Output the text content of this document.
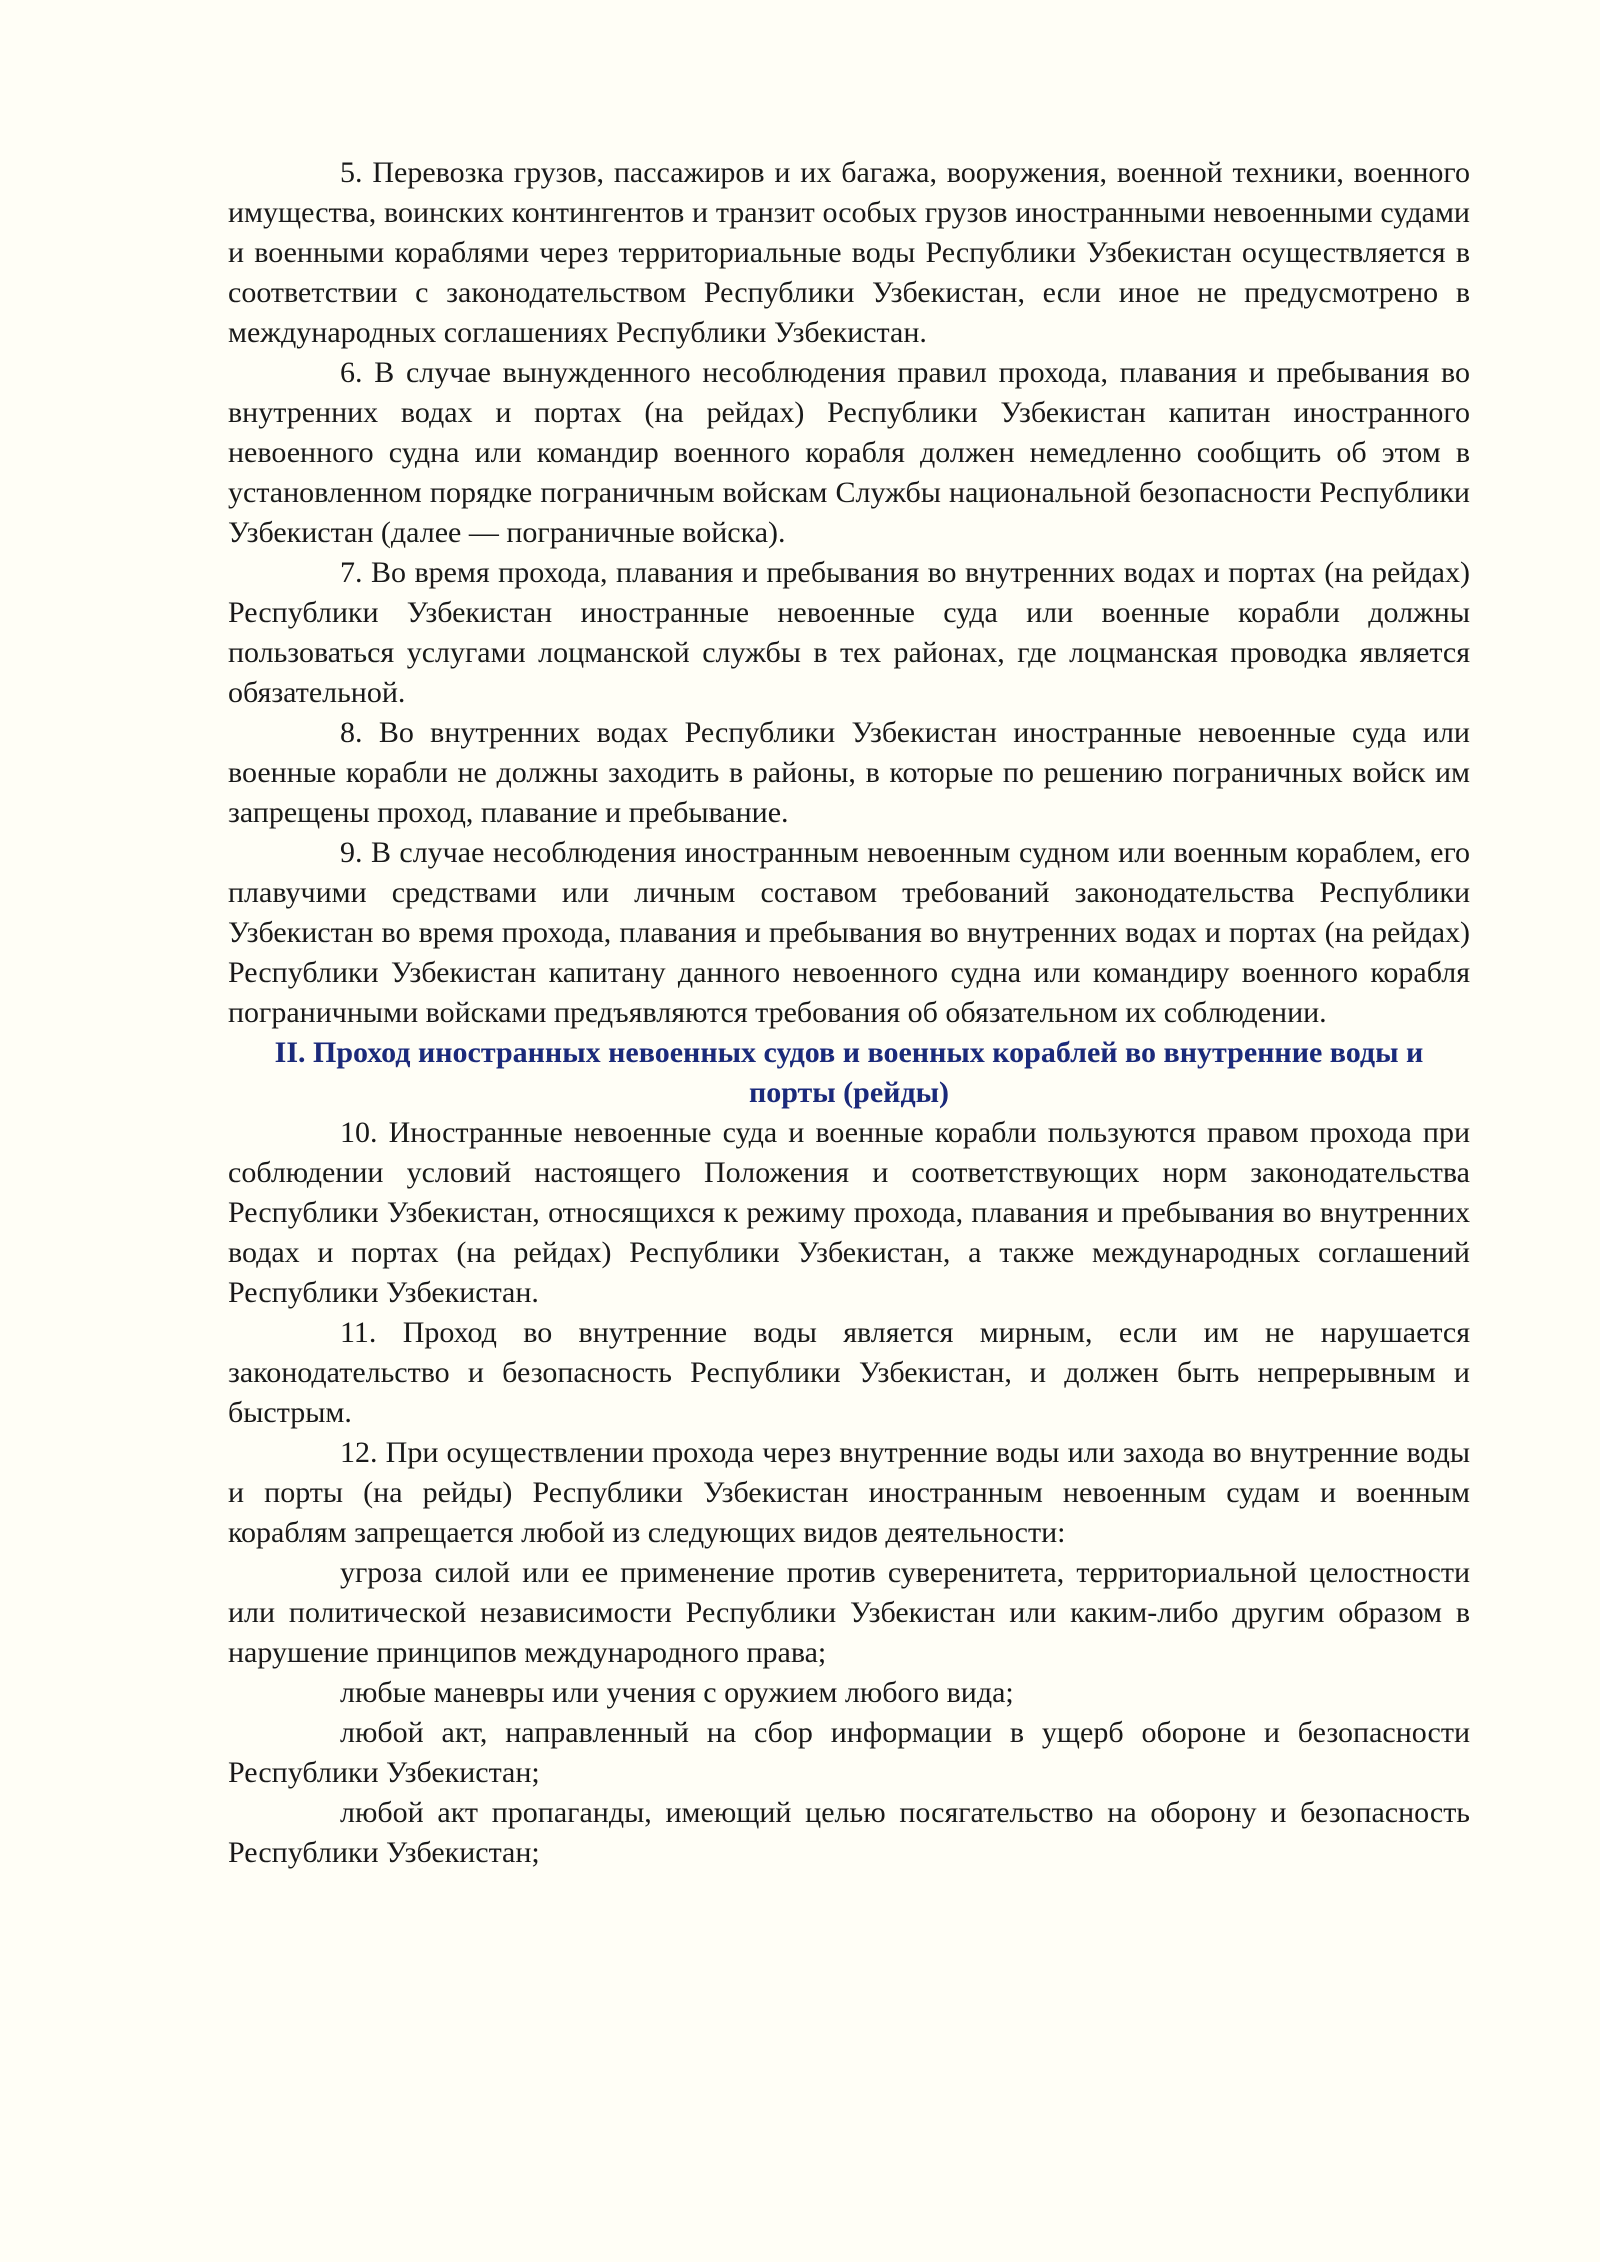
5. Перевозка грузов, пассажиров и их багажа, вооружения, военной техники, военного имущества, воинских контингентов и транзит особых грузов иностранными невоенными судами и военными кораблями через территориальные воды Республики Узбекистан осуществляется в соответствии с законодательством Республики Узбекистан, если иное не предусмотрено в международных соглашениях Республики Узбекистан.

6. В случае вынужденного несоблюдения правил прохода, плавания и пребывания во внутренних водах и портах (на рейдах) Республики Узбекистан капитан иностранного невоенного судна или командир военного корабля должен немедленно сообщить об этом в установленном порядке пограничным войскам Службы национальной безопасности Республики Узбекистан (далее — пограничные войска).

7. Во время прохода, плавания и пребывания во внутренних водах и портах (на рейдах) Республики Узбекистан иностранные невоенные суда или военные корабли должны пользоваться услугами лоцманской службы в тех районах, где лоцманская проводка является обязательной.

8. Во внутренних водах Республики Узбекистан иностранные невоенные суда или военные корабли не должны заходить в районы, в которые по решению пограничных войск им запрещены проход, плавание и пребывание.

9. В случае несоблюдения иностранным невоенным судном или военным кораблем, его плавучими средствами или личным составом требований законодательства Республики Узбекистан во время прохода, плавания и пребывания во внутренних водах и портах (на рейдах) Республики Узбекистан капитану данного невоенного судна или командиру военного корабля пограничными войсками предъявляются требования об обязательном их соблюдении.

II. Проход иностранных невоенных судов и военных кораблей во внутренние воды и порты (рейды)

10. Иностранные невоенные суда и военные корабли пользуются правом прохода при соблюдении условий настоящего Положения и соответствующих норм законодательства Республики Узбекистан, относящихся к режиму прохода, плавания и пребывания во внутренних водах и портах (на рейдах) Республики Узбекистан, а также международных соглашений Республики Узбекистан.

11. Проход во внутренние воды является мирным, если им не нарушается законодательство и безопасность Республики Узбекистан, и должен быть непрерывным и быстрым.

12. При осуществлении прохода через внутренние воды или захода во внутренние воды и порты (на рейды) Республики Узбекистан иностранным невоенным судам и военным кораблям запрещается любой из следующих видов деятельности:

угроза силой или ее применение против суверенитета, территориальной целостности или политической независимости Республики Узбекистан или каким-либо другим образом в нарушение принципов международного права;

любые маневры или учения с оружием любого вида;

любой акт, направленный на сбор информации в ущерб обороне и безопасности Республики Узбекистан;

любой акт пропаганды, имеющий целью посягательство на оборону и безопасность Республики Узбекистан;
